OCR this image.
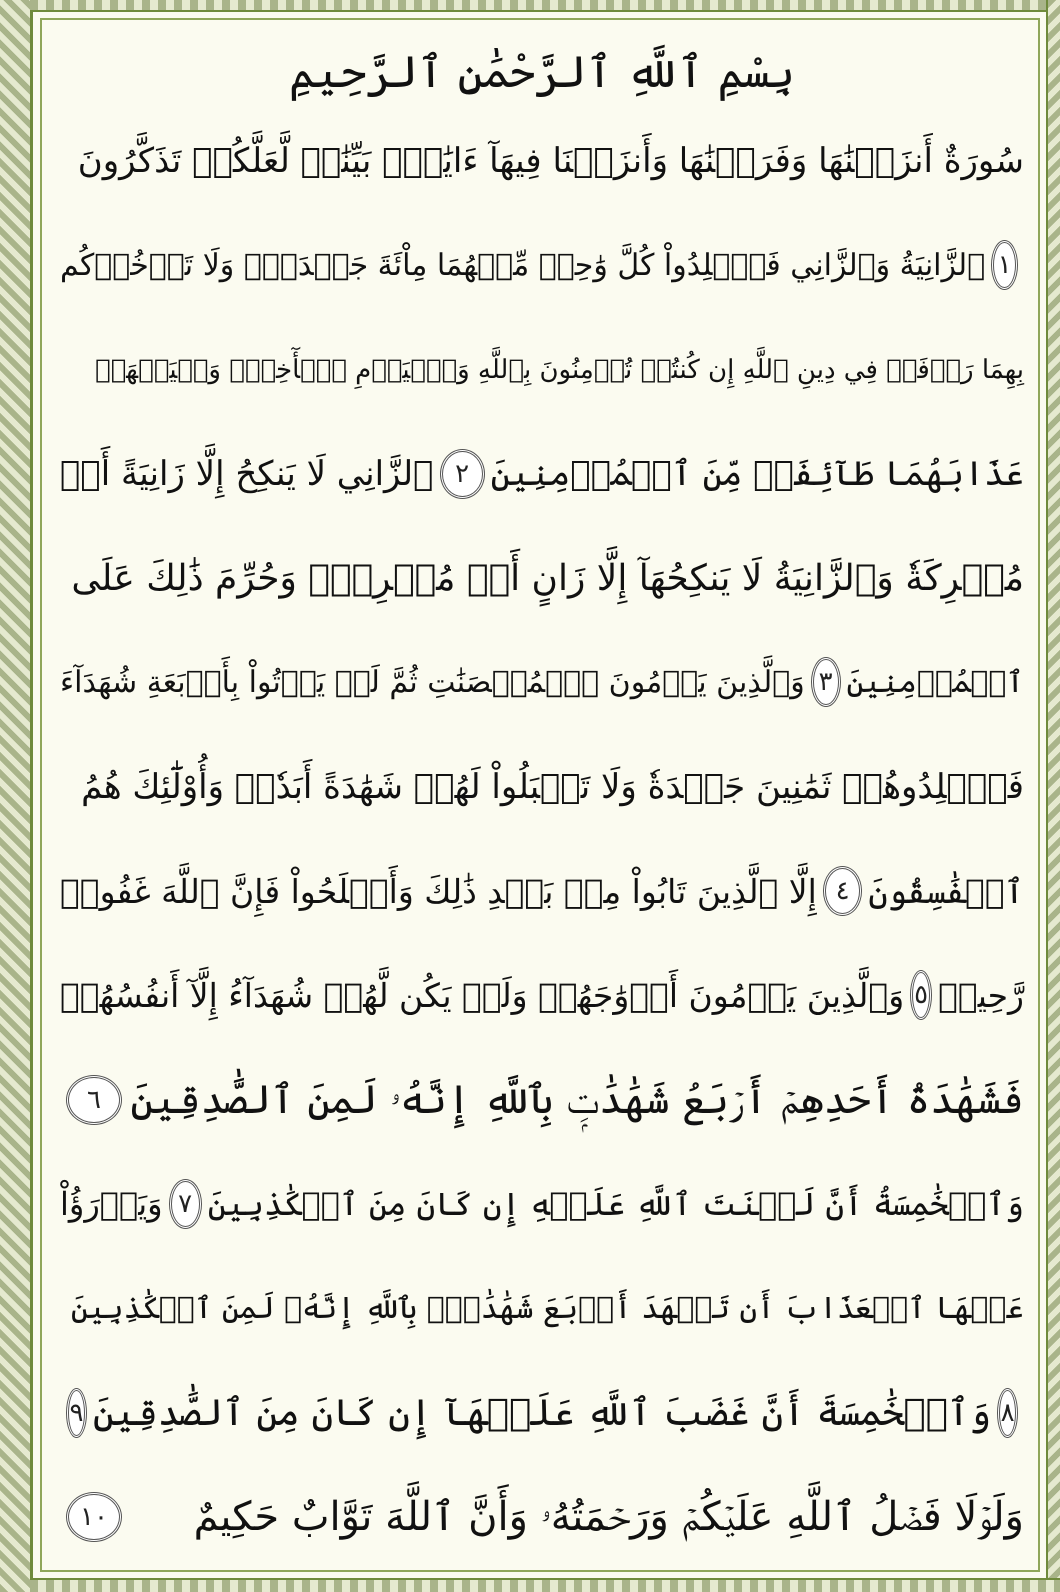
بِسْمِ ٱللَّهِ ٱلرَّحْمَٰنِ ٱلرَّحِيمِ
سُورَةٌ أَنزَلۡنَٰهَا وَفَرَضۡنَٰهَا وَأَنزَلۡنَا فِيهَآ ءَايَٰتِۭ بَيِّنَٰتٖ لَّعَلَّكُمۡ تَذَكَّرُونَ
١
ٱلزَّانِيَةُ وَٱلزَّانِي فَٱجۡلِدُواْ كُلَّ وَٰحِدٖ مِّنۡهُمَا مِاْئَةَ جَلۡدَةٖۖ وَلَا تَأۡخُذۡكُم
بِهِمَا رَأۡفَةٞ فِي دِينِ ٱللَّهِ إِن كُنتُمۡ تُؤۡمِنُونَ بِٱللَّهِ وَٱلۡيَوۡمِ ٱلۡأٓخِرِۖ وَلۡيَشۡهَدۡ
عَذَابَهُمَا طَآئِفَةٞ مِّنَ ٱلۡمُؤۡمِنِينَ
٢
ٱلزَّانِي لَا يَنكِحُ إِلَّا زَانِيَةً أَوۡ
مُشۡرِكَةٗ وَٱلزَّانِيَةُ لَا يَنكِحُهَآ إِلَّا زَانٍ أَوۡ مُشۡرِكٞۚ وَحُرِّمَ ذَٰلِكَ عَلَى
ٱلۡمُؤۡمِنِينَ
٣
وَٱلَّذِينَ يَرۡمُونَ ٱلۡمُحۡصَنَٰتِ ثُمَّ لَمۡ يَأۡتُواْ بِأَرۡبَعَةِ شُهَدَآءَ
فَٱجۡلِدُوهُمۡ ثَمَٰنِينَ جَلۡدَةٗ وَلَا تَقۡبَلُواْ لَهُمۡ شَهَٰدَةً أَبَدٗاۚ وَأُوْلَٰٓئِكَ هُمُ
ٱلۡفَٰسِقُونَ
٤
إِلَّا ٱلَّذِينَ تَابُواْ مِنۢ بَعۡدِ ذَٰلِكَ وَأَصۡلَحُواْ فَإِنَّ ٱللَّهَ غَفُورٞ
رَّحِيمٞ
٥
وَٱلَّذِينَ يَرۡمُونَ أَزۡوَٰجَهُمۡ وَلَمۡ يَكُن لَّهُمۡ شُهَدَآءُ إِلَّآ أَنفُسُهُمۡ
فَشَهَٰدَةُ أَحَدِهِمۡ أَرۡبَعُ شَهَٰدَٰتِۭ بِٱللَّهِ إِنَّهُۥ لَمِنَ ٱلصَّٰدِقِينَ
٦
وَٱلۡخَٰمِسَةُ أَنَّ لَعۡنَتَ ٱللَّهِ عَلَيۡهِ إِن كَانَ مِنَ ٱلۡكَٰذِبِينَ
٧
وَيَدۡرَؤُاْ
عَنۡهَا ٱلۡعَذَابَ أَن تَشۡهَدَ أَرۡبَعَ شَهَٰدَٰتِۭ بِٱللَّهِ إِنَّهُۥ لَمِنَ ٱلۡكَٰذِبِينَ
٨
وَٱلۡخَٰمِسَةَ أَنَّ غَضَبَ ٱللَّهِ عَلَيۡهَآ إِن كَانَ مِنَ ٱلصَّٰدِقِينَ
٩
وَلَوۡلَا فَضۡلُ ٱللَّهِ عَلَيۡكُمۡ وَرَحۡمَتُهُۥ وَأَنَّ ٱللَّهَ تَوَّابٌ حَكِيمٌ
١٠
